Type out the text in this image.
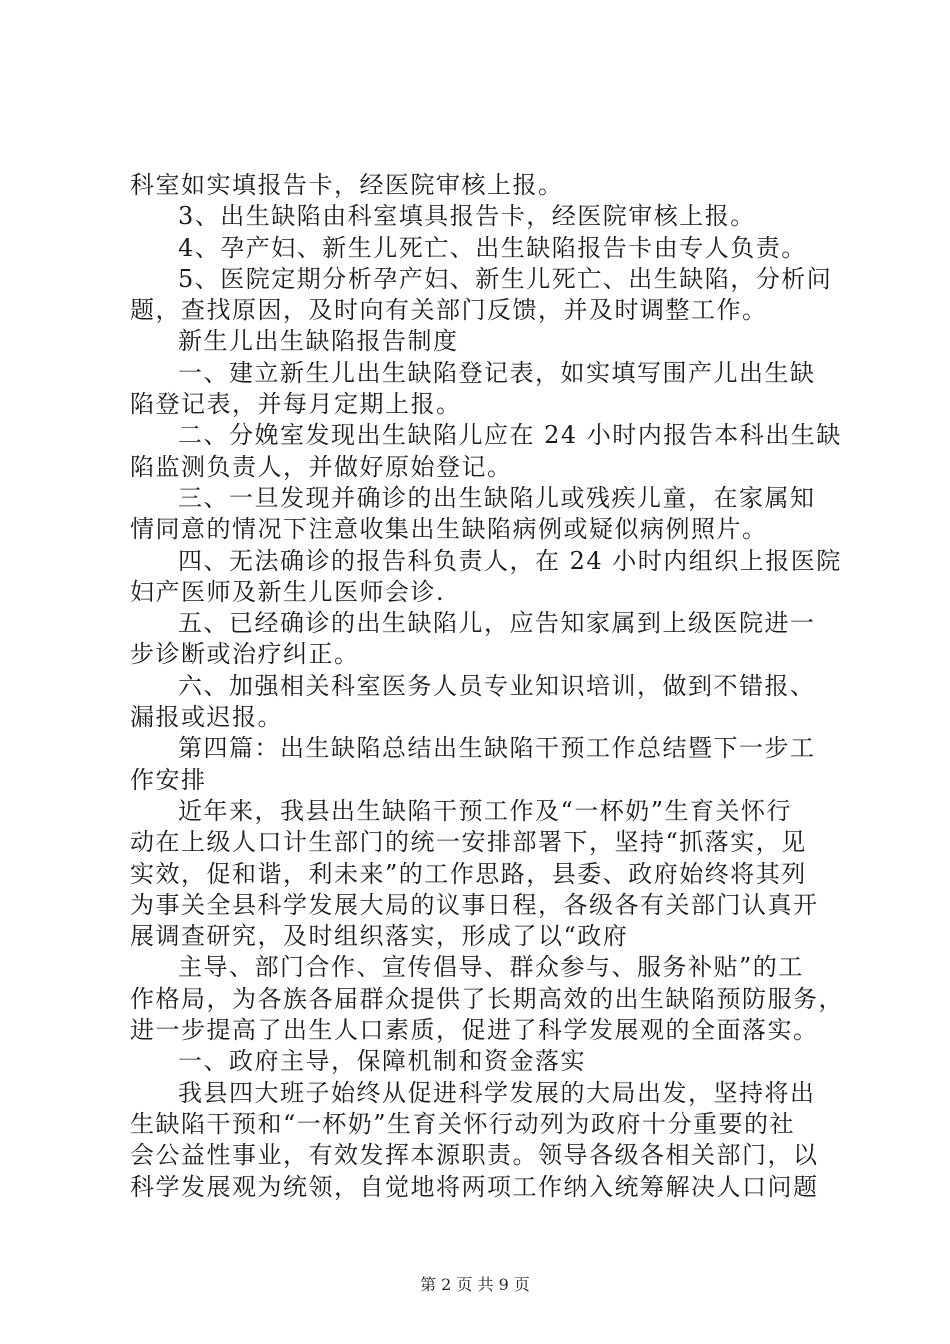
科室如实填报告卡，经医院审核上报。
3、出生缺陷由科室填具报告卡，经医院审核上报。
4、孕产妇、新生儿死亡、出生缺陷报告卡由专人负责。
5、医院定期分析孕产妇、新生儿死亡、出生缺陷，分析问
题，查找原因，及时向有关部门反馈，并及时调整工作。
新生儿出生缺陷报告制度
一、建立新生儿出生缺陷登记表，如实填写围产儿出生缺
陷登记表，并每月定期上报。
二、分娩室发现出生缺陷儿应在 24 小时内报告本科出生缺
陷监测负责人，并做好原始登记。
三、一旦发现并确诊的出生缺陷儿或残疾儿童，在家属知
情同意的情况下注意收集出生缺陷病例或疑似病例照片。
四、无法确诊的报告科负责人，在 24 小时内组织上报医院
妇产医师及新生儿医师会诊.
五、已经确诊的出生缺陷儿，应告知家属到上级医院进一
步诊断或治疗纠正。
六、加强相关科室医务人员专业知识培训，做到不错报、
漏报或迟报。
第四篇：出生缺陷总结出生缺陷干预工作总结暨下一步工
作安排
近年来，我县出生缺陷干预工作及“一杯奶”生育关怀行
动在上级人口计生部门的统一安排部署下，坚持“抓落实，见
实效，促和谐，利未来”的工作思路，县委、政府始终将其列
为事关全县科学发展大局的议事日程，各级各有关部门认真开
展调查研究，及时组织落实，形成了以“政府
主导、部门合作、宣传倡导、群众参与、服务补贴”的工
作格局，为各族各届群众提供了长期高效的出生缺陷预防服务，
进一步提高了出生人口素质，促进了科学发展观的全面落实。
一、政府主导，保障机制和资金落实
我县四大班子始终从促进科学发展的大局出发，坚持将出
生缺陷干预和“一杯奶”生育关怀行动列为政府十分重要的社
会公益性事业，有效发挥本源职责。领导各级各相关部门，以
科学发展观为统领，自觉地将两项工作纳入统筹解决人口问题
第 2 页 共 9 页
